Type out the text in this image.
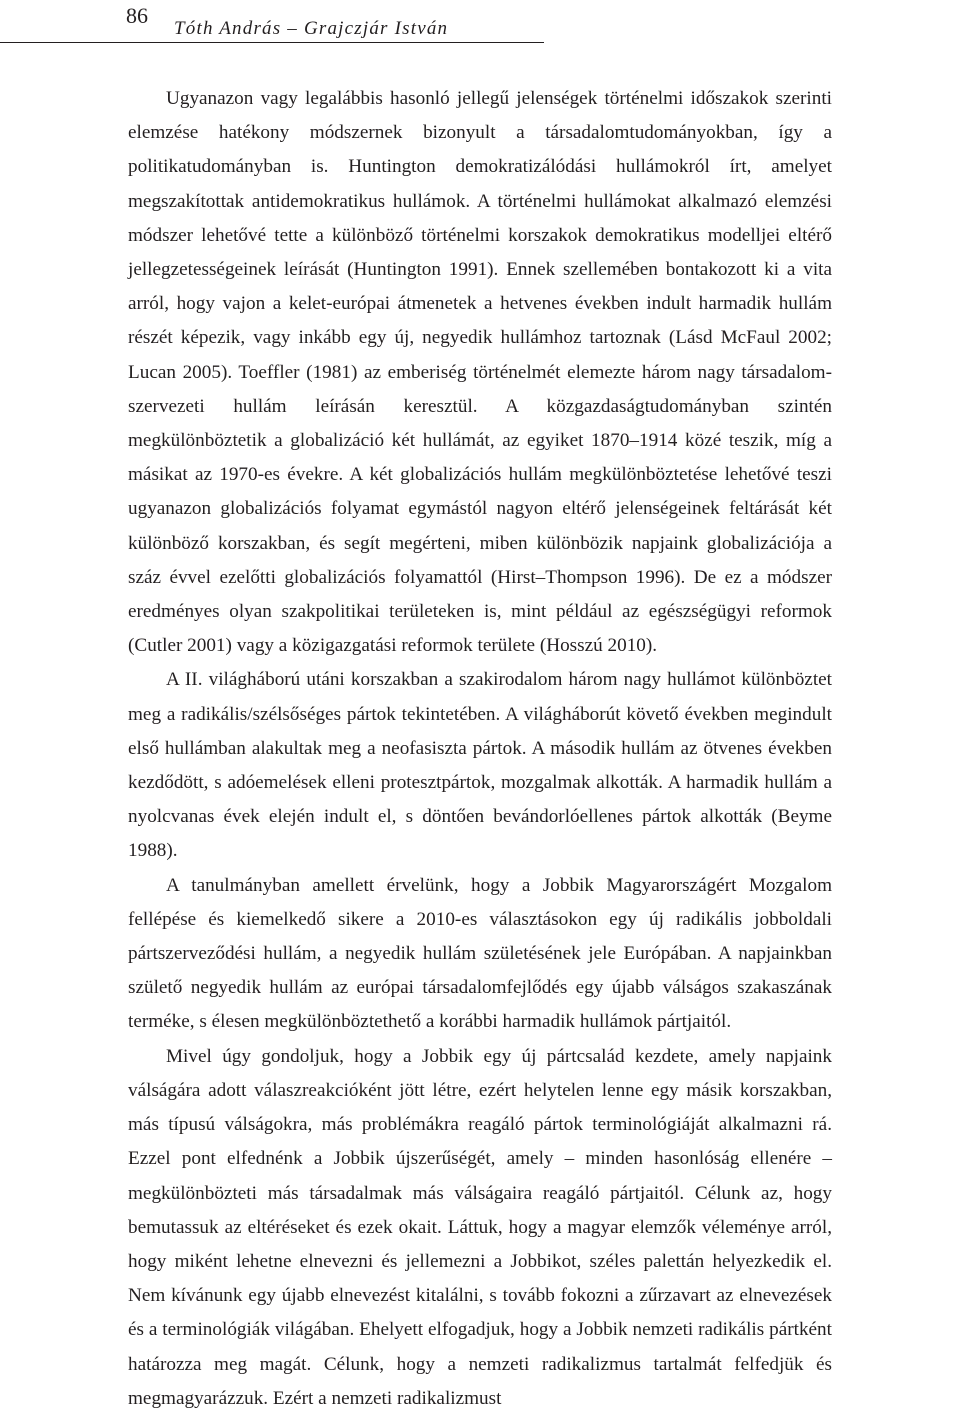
86
Tóth András – Grajczjár István

Ugyanazon vagy legalábbis hasonló jellegű jelenségek történelmi időszakok szerinti elemzése hatékony módszernek bizonyult a társadalomtudományokban, így a politikatudományban is. Huntington demokratizálódási hullámokról írt, amelyet megszakítottak antidemokratikus hullámok. A történelmi hullámokat alkalmazó elemzési módszer lehetővé tette a különböző történelmi korszakok demokratikus modelljei eltérő jellegzetességeinek leírását (Huntington 1991). Ennek szellemében bontakozott ki a vita arról, hogy vajon a kelet-európai átmenetek a hetvenes években indult harmadik hullám részét képezik, vagy inkább egy új, negyedik hullámhoz tartoznak (Lásd McFaul 2002; Lucan 2005). Toeffler (1981) az emberiség történelmét elemezte három nagy társadalom-szervezeti hullám leírásán keresztül. A közgazdaságtudományban szintén megkülönböztetik a globalizáció két hullámát, az egyiket 1870–1914 közé teszik, míg a másikat az 1970-es évekre. A két globalizációs hullám megkülönböztetése lehetővé teszi ugyanazon globalizációs folyamat egymástól nagyon eltérő jelenségeinek feltárását két különböző korszakban, és segít megérteni, miben különbözik napjaink globalizációja a száz évvel ezelőtti globalizációs folyamattól (Hirst–Thompson 1996). De ez a módszer eredményes olyan szakpolitikai területeken is, mint például az egészségügyi reformok (Cutler 2001) vagy a közigazgatási reformok területe (Hosszú 2010).

A II. világháború utáni korszakban a szakirodalom három nagy hullámot különböztet meg a radikális/szélsőséges pártok tekintetében. A világháborút követő években megindult első hullámban alakultak meg a neofasiszta pártok. A második hullám az ötvenes években kezdődött, s adóemelések elleni protesztpártok, mozgalmak alkották. A harmadik hullám a nyolcvanas évek elején indult el, s döntően bevándorlóellenes pártok alkották (Beyme 1988).

A tanulmányban amellett érvelünk, hogy a Jobbik Magyarországért Mozgalom fellépése és kiemelkedő sikere a 2010-es választásokon egy új radikális jobboldali pártszerveződési hullám, a negyedik hullám születésének jele Európában. A napjainkban születő negyedik hullám az európai társadalomfejlődés egy újabb válságos szakaszának terméke, s élesen megkülönböztethető a korábbi harmadik hullámok pártjaitól.

Mivel úgy gondoljuk, hogy a Jobbik egy új pártcsalád kezdete, amely napjaink válságára adott válaszreakcióként jött létre, ezért helytelen lenne egy másik korszakban, más típusú válságokra, más problémákra reagáló pártok terminológiáját alkalmazni rá. Ezzel pont elfednénk a Jobbik újszerűségét, amely – minden hasonlóság ellenére – megkülönbözteti más társadalmak más válságaira reagáló pártjaitól. Célunk az, hogy bemutassuk az eltéréseket és ezek okait. Láttuk, hogy a magyar elemzők véleménye arról, hogy miként lehetne elnevezni és jellemezni a Jobbikot, széles palettán helyezkedik el. Nem kívánunk egy újabb elnevezést kitalálni, s tovább fokozni a zűrzavart az elnevezések és a terminológiák világában. Ehelyett elfogadjuk, hogy a Jobbik nemzeti radikális pártként határozza meg magát. Célunk, hogy a nemzeti radikalizmus tartalmát felfedjük és megmagyarázzuk. Ezért a nemzeti radikalizmust
